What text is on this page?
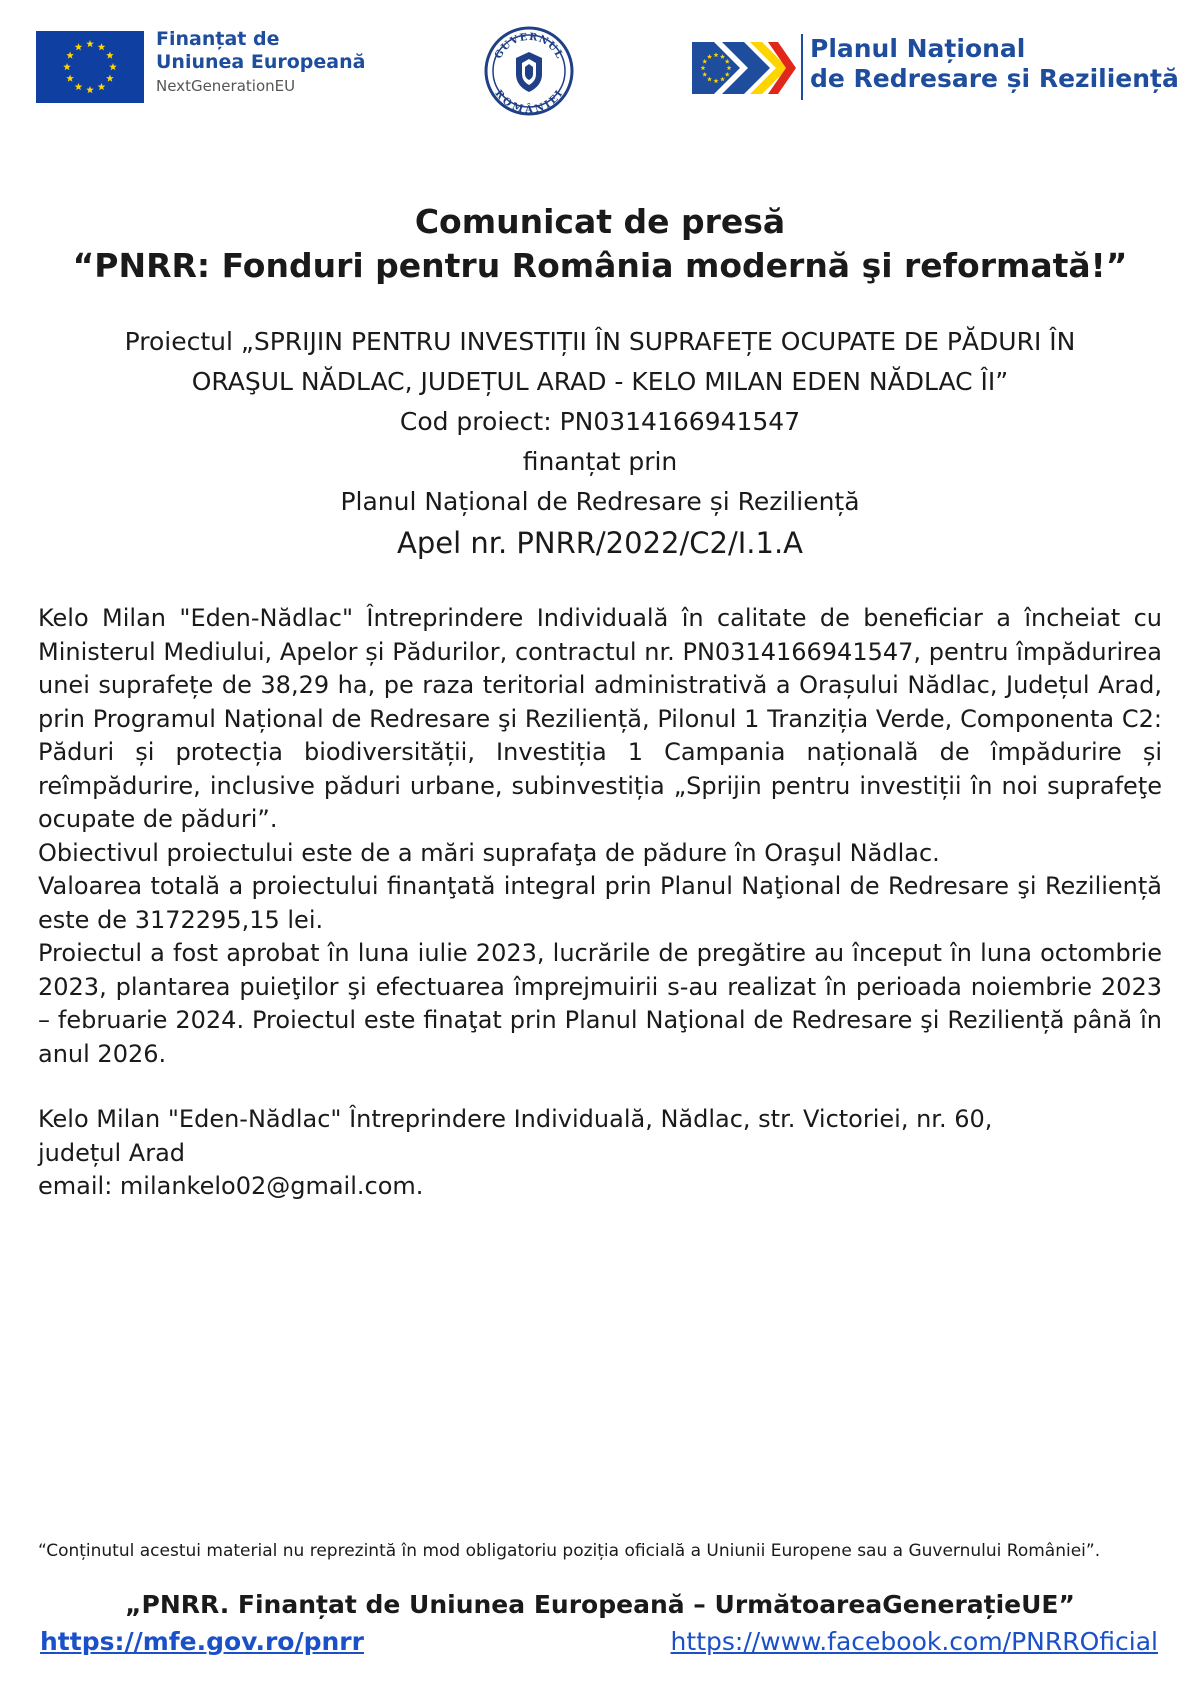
Finanțat de
Uniunea Europeană
NextGenerationEU
GUVERNUL
ROMÂNIEI
Planul Național
de Redresare și Reziliență

Comunicat de presă

“PNRR: Fonduri pentru România modernă şi reformată!”

Proiectul „SPRIJIN PENTRU INVESTIȚII ÎN SUPRAFEȚE OCUPATE DE PĂDURI ÎN

ORAŞUL NĂDLAC, JUDEȚUL ARAD - KELO MILAN EDEN NĂDLAC ÎI”

Cod proiect: PN0314166941547

finanțat prin

Planul Național de Redresare și Reziliență

Apel nr. PNRR/2022/C2/I.1.A

Kelo Milan "Eden-Nădlac" Întreprindere Individuală în calitate de beneficiar a încheiat cu Ministerul Mediului, Apelor și Pădurilor, contractul nr. PN0314166941547, pentru împădurirea unei suprafețe de 38,29 ha, pe raza teritorial administrativă a Orașului Nădlac, Județul Arad, prin Programul Național de Redresare şi Reziliență, Pilonul 1 Tranziția Verde, Componenta C2: Păduri și protecția biodiversității, Investiția 1 Campania națională de împădurire și reîmpădurire, inclusive păduri urbane, subinvestiția „Sprijin pentru investiții în noi suprafeţe ocupate de păduri”.

Obiectivul proiectului este de a mări suprafaţa de pădure în Oraşul Nădlac.

Valoarea totală a proiectului finanţată integral prin Planul Naţional de Redresare şi Reziliență este de 3172295,15 lei.

Proiectul a fost aprobat în luna iulie 2023, lucrările de pregătire au început în luna octombrie 2023, plantarea puieţilor şi efectuarea împrejmuirii s-au realizat în perioada noiembrie 2023 – februarie 2024. Proiectul este finaţat prin Planul Naţional de Redresare şi Reziliență până în anul 2026.

Kelo Milan "Eden-Nădlac" Întreprindere Individuală, Nădlac, str. Victoriei, nr. 60,

județul Arad

email: milankelo02@gmail.com.

“Conținutul acestui material nu reprezintă în mod obligatoriu poziția oficială a Uniunii Europene sau a Guvernului României”.
„PNRR. Finanțat de Uniunea Europeană – UrmătoareaGenerațieUE”
https://mfe.gov.ro/pnrr	https://www.facebook.com/PNRROficial
